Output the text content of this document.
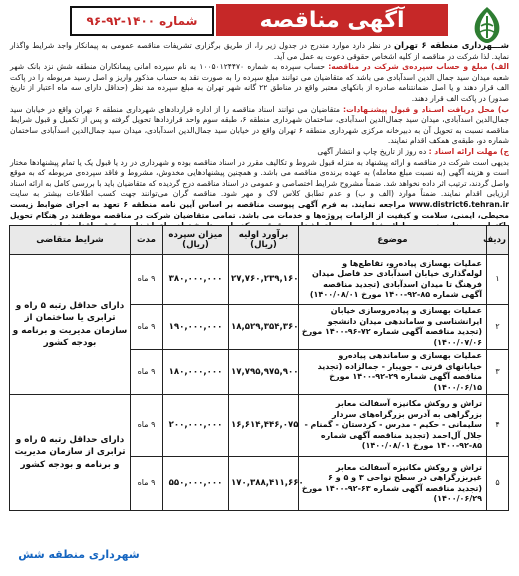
آگهی مناقصه
شماره
۹۶-۹۲-۱۴۰۰

شـــهرداری منطقه ۶ تهران در نظر دارد موارد مندرج در جدول زیر را، از طریق برگزاری تشریفات مناقصه عمومی به پیمانکار واجد شرایط واگذار نماید. لذا شرکت در مناقصه از کلیه اشخاص حقوقی دعوت به عمل می آید.

الف) مبلغ و حساب سپرده‌ی شرکت در مناقصه: حساب سپرده به شماره ۱۰۰۵۰۱۲۴۴۷۰ به نام سپرده امانی پیمانکاران منطقه شش نزد بانک شهر شعبه میدان سید جمال الدین اسدآبادی می باشد که متقاضیان می توانند مبلغ سپرده را به صورت نقد به حساب مذکور واریز و اصل رسید مربوطه را در پاکت الف قرار دهند و یا اصل ضمانتنامه صادره از بانکهای معتبر واقع در مناطق ۲۲ گانه شهر تهران به مبلغ سپرده مد نظر (حداقل دارای سه ماه اعتبار از تاریخ صدور) در پاکت الف قرار دهند.

ب) محل دریافت اسـناد و قبول پیشنـهادات: متقاضیان می توانند اسناد مناقصه را از اداره قراردادهای شهرداری منطقه ۶ تهران واقع در خیابان سید جمال‌الدین اسدآبادی، میدان سید جمال‌الدین اسدآبادی، ساختمان شهرداری منطقه ۶، طبقه سوم واحد قراردادها تحویل گرفته و پس از تکمیل و قبول شرایط مناقصه نسبت به تحویل آن به دبیرخانه مرکزی شهرداری منطقه ۶ تهران واقع در خیابان سید جمال‌الدین اسدآبادی، میدان سید جمال‌الدین اسدآبادی ساختمان شماره دو، طبقه‌ی همکف اقدام نمایند.

ج) مهلت ارائه اسناد : ده روز از تاریخ چاپ و انتشار آگهی

بدیهی است شرکت در مناقصه و ارائه پیشنهاد به منزله قبول شروط و تکالیف مقرر در اسناد مناقصه بوده و شهرداری در رد یا قبول یک یا تمام پیشنهادها مختار است و هزینه آگهی (به نسبت مبلغ معامله) به عهده برنده‌ی مناقصه می باشد. و همچنین پیشنهادهایی مخدوش، مشروط و فاقد سپرده‌ی مربوطه که به موقع واصل گردند، ترتیب اثر داده نخواهد شد. ضمناً مشروح شرایط اختصاصی و عمومی در اسناد مناقصه درج گردیده که متقاضیان باید با بررسی کامل به ارائه اسناد ارزیابی اقدام نمایند. ضمناً موارد (الف و ب) و عدم تطابق کلاس لاک و مهر شود. مناقصه گران می‌توانند جهت کسب اطلاعات بیشتر به سایت www.district6.tehran.ir مراجعه نمایند. به فرم آگهی پیوست مناقصه بر اساس آیین نامه منطقه ۶ تعهد به اجرای ضوابط زیست محیطی، ایمنی، سلامت و کیفیت از الزامات پروژه‌ها و خدمات می باشد. تمامی متقاضیان شرکت در مناقصه موظفند در هنگام تحویل

ردیف	موضوع	برآورد اولیه (ریال)	میزان سپرده (ریال)	مدت	شرایط متقاضی
۱	عملیات بهسازی پیاده‌رو، تقاطع‌ها و لوله‌گذاری خیابان اسدآبادی حد فاصل میدان فرهنگ تا میدان اسدآبادی (تجدید مناقصه آگهی شماره ۸۵-۹۲-۱۴۰۰ مورخ ۱۴۰۰/۰۸/۰۱)	۲۷,۷۶۰,۲۳۹,۱۶۰	۳۸۰,۰۰۰,۰۰۰	۹ ماه	دارای حداقل رتبه ۵ راه و ترابری یا ساختمان از سازمان مدیریت و برنامه و بودجه کشور
۲	عملیات بهسازی و پیاده‌روسازی خیابان ایرانشناسی و ساماندهی میدان دانشجو (تجدید مناقصه آگهی شماره ۷۲-۹۶-۱۴۰۰ مورخ ۱۴۰۰/۰۷/۰۶)	۱۸,۵۲۹,۳۵۴,۳۶۰	۱۹۰,۰۰۰,۰۰۰	۹ ماه	
۳	عملیات بهسازی و ساماندهی پیاده‌رو خیابانهای قرنی - جویبار - جمالزاده (تجدید مناقصه آگهی شماره ۲۹-۹۲-۱۴۰۰ مورخ ۱۴۰۰/۰۶/۱۵)	۱۷,۷۹۵,۹۷۵,۹۰۰	۱۸۰,۰۰۰,۰۰۰	۹ ماه	
۴	تراش و روکش مکانیزه آسفالت معابر بزرگراهی به آدرس بزرگراه‌های سردار سلیمانی - حکیم - مدرس - کردستان - گمنام - جلال آل‌احمد (تجدید مناقصه آگهی شماره ۸۵-۹۲-۱۴۰۰ مورخ ۱۴۰۰/۰۸/۰۱)	۱۶,۶۱۴,۴۴۶,۰۷۵	۲۰۰,۰۰۰,۰۰۰	۹ ماه	دارای حداقل رتبه ۵ راه و ترابری از سازمان مدیریت و برنامه و بودجه کشور
۵	تراش و روکش مکانیزه آسفالت معابر غیربزرگراهی در سطح نواحی ۳ و ۵ و ۶ (تجدید مناقصه آگهی شماره ۶۳-۹۲-۱۴۰۰ مورخ ۱۴۰۰/۰۶/۲۹)	۱۷۰,۳۸۸,۴۱۱,۶۶۰	۵۵۰,۰۰۰,۰۰۰	۹ ماه	
شهرداری منطقه شش
